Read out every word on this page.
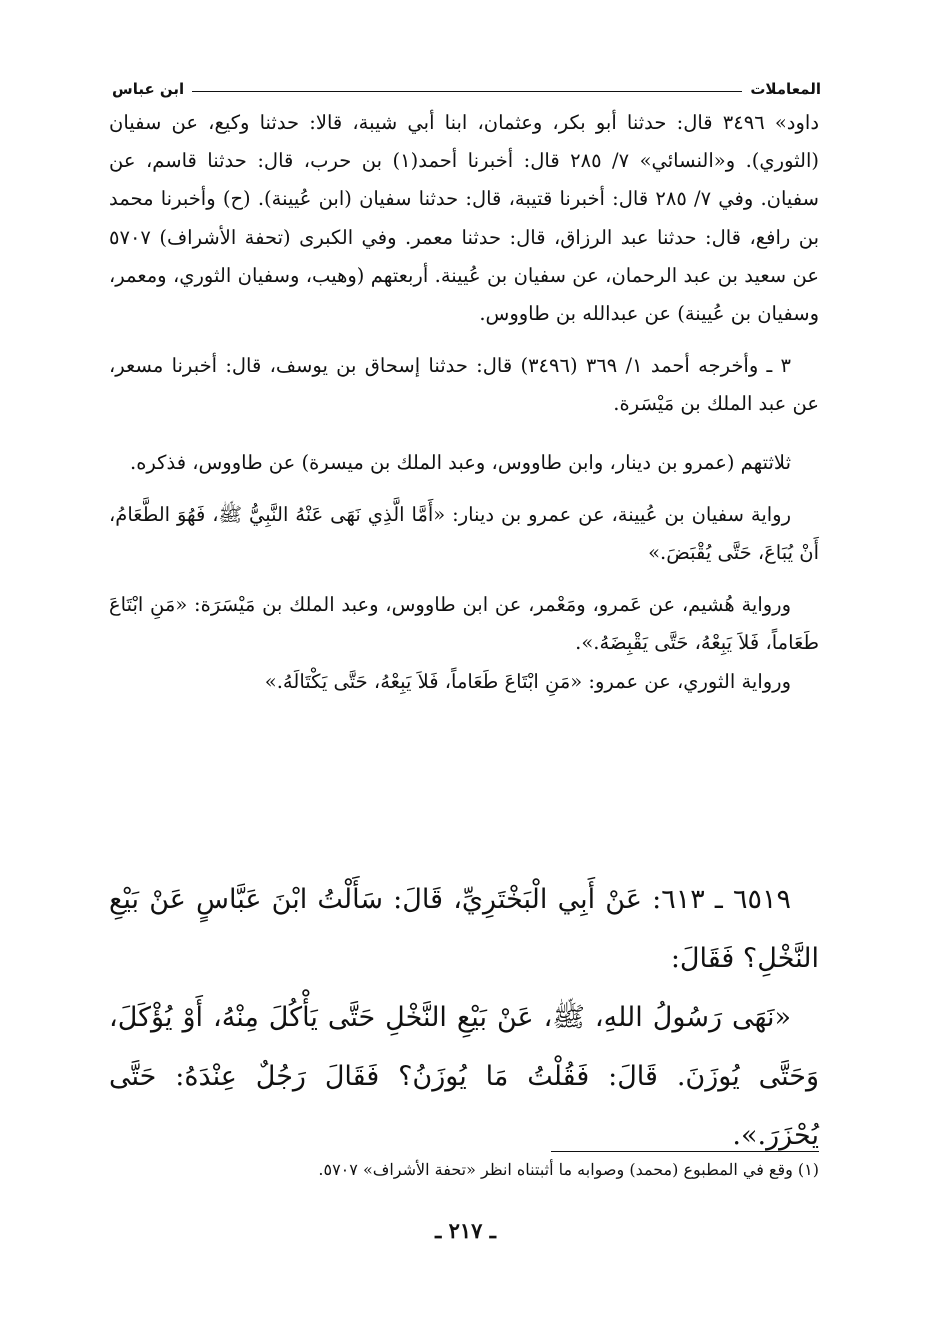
المعاملات
ابن عباس

داود» ٣٤٩٦ قال: حدثنا أبو بكر، وعثمان، ابنا أبي شيبة، قالا: حدثنا وكيع، عن سفيان (الثوري). و«النسائي» ٧/ ٢٨٥ قال: أخبرنا أحمد(١) بن حرب، قال: حدثنا قاسم، عن سفيان. وفي ٧/ ٢٨٥ قال: أخبرنا قتيبة، قال: حدثنا سفيان (ابن عُيينة). (ح) وأخبرنا محمد بن رافع، قال: حدثنا عبد الرزاق، قال: حدثنا معمر. وفي الكبرى (تحفة الأشراف) ٥٧٠٧ عن سعيد بن عبد الرحمان، عن سفيان بن عُيينة. أربعتهم (وهيب، وسفيان الثوري، ومعمر، وسفيان بن عُيينة) عن عبدالله بن طاووس.

٣ ـ وأخرجه أحمد ١/ ٣٦٩ (٣٤٩٦) قال: حدثنا إسحاق بن يوسف، قال: أخبرنا مسعر، عن عبد الملك بن مَيْسَرة.

ثلاثتهم (عمرو بن دينار، وابن طاووس، وعبد الملك بن ميسرة) عن طاووس، فذكره.

رواية سفيان بن عُيينة، عن عمرو بن دينار: «أَمَّا الَّذِي نَهَى عَنْهُ النَّبِيُّ ﷺ، فَهُوَ الطَّعَامُ، أَنْ يُبَاعَ، حَتَّى يُقْبَضَ.»

ورواية هُشيم، عن عَمرو، ومَعْمر، عن ابن طاووس، وعبد الملك بن مَيْسَرَة: «مَنِ ابْتَاعَ طَعَاماً، فَلاَ يَبِعْهُ، حَتَّى يَقْبِضَهُ.».

ورواية الثوري، عن عمرو: «مَنِ ابْتَاعَ طَعَاماً، فَلاَ يَبِعْهُ، حَتَّى يَكْتَالَهُ.»

٦٥١٩ ـ ٦١٣: عَنْ أَبِي الْبَخْتَرِيِّ، قَالَ: سَأَلْتُ ابْنَ عَبَّاسٍ عَنْ بَيْعِ النَّخْلِ؟ فَقَالَ:

«نَهَى رَسُولُ اللهِ، ﷺ، عَنْ بَيْعِ النَّخْلِ حَتَّى يَأْكُلَ مِنْهُ، أَوْ يُؤْكَلَ، وَحَتَّى يُوزَنَ. قَالَ: فَقُلْتُ مَا يُوزَنُ؟ فَقَالَ رَجُلٌ عِنْدَهُ: حَتَّى يُحْزَرَ.».

(١) وقع في المطبوع (محمد) وصوابه ما أثبتناه انظر «تحفة الأشراف» ٥٧٠٧.
ـ ٢١٧ ـ
